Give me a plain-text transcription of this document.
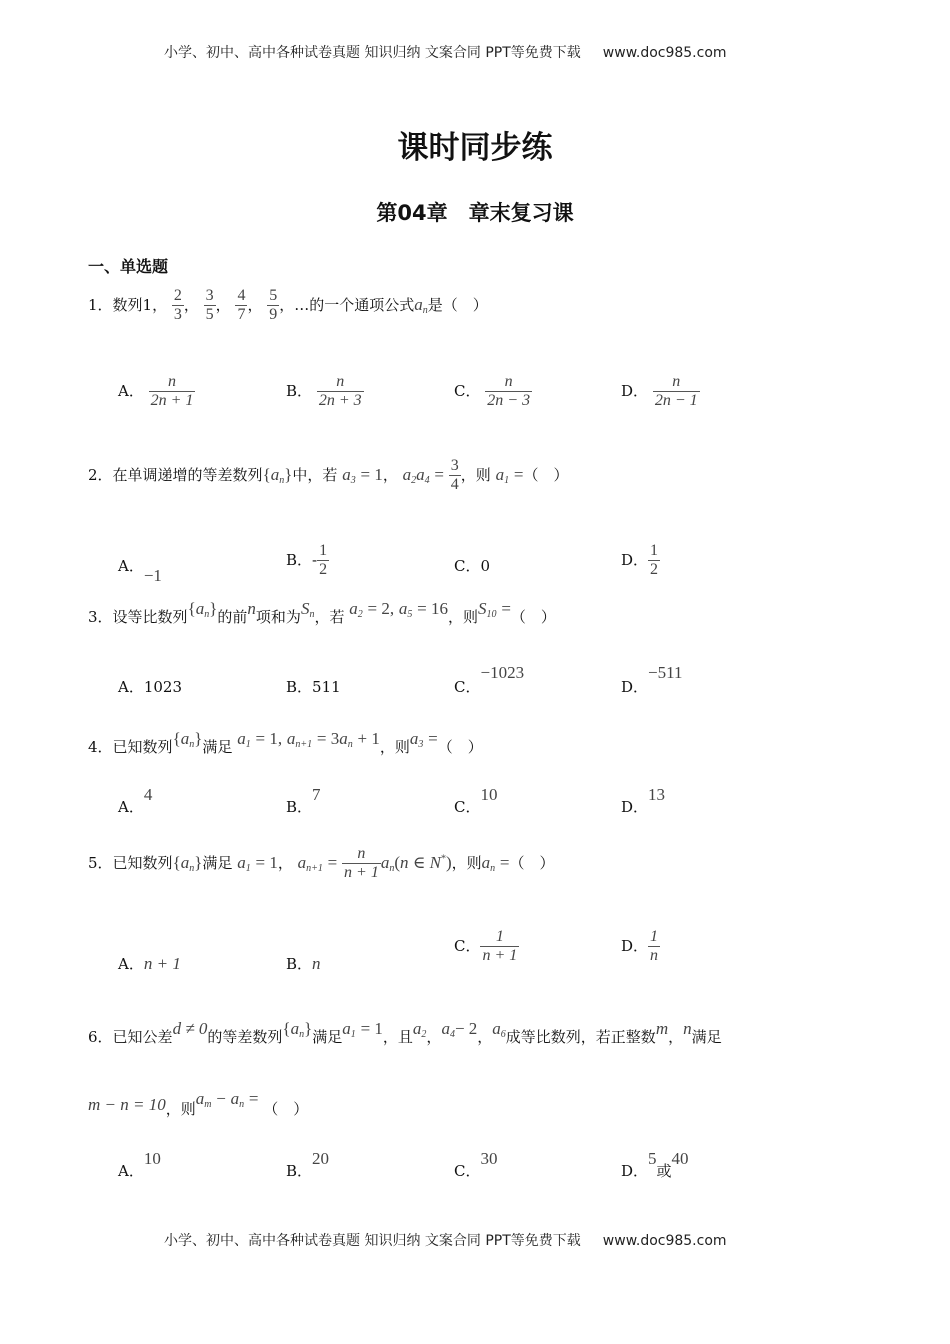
小学、初中、高中各种试卷真题 知识归纳 文案合同 PPT等免费下载 www.doc985.com
课时同步练
第04章　章末复习课
一、单选题
1．数列1， $\frac{2}{3}$ ， $\frac{3}{5}$ ， $\frac{4}{7}$ ， $\frac{5}{9}$ ，…的一个通项公式$a_n$是（　）
A． $\frac{n}{2n + 1}$	B． $\frac{n}{2n + 3}$	C． $\frac{n}{2n - 3}$	D． $\frac{n}{2n - 1}$
2．在单调递增的等差数列$\{a_n\}$中，若 $a_3 = 1$， $a_2a_4 = \frac{3}{4}$ ，则 $a_1$ =（　）
A．−1
B．- $\frac{1}{2}$	C．0	D． $\frac{1}{2}$
3．设等比数列$\{a_n\}$的前n项和为$S_n$，若 $a_2 = 2$, $a_5 = 16$，则$S_{10}$ =（　）
A．1023	B．511	C．−1023
D．−511
4．已知数列$\{a_n\}$满足 $a_1 = 1$, $a_{n+1} = 3a_n + 1$，则$a_3$ =（　）
A．4
B．7
C．10
D．13
5．已知数列$\{a_n\}$满足 $a_1 = 1$， $a_{n+1} = \frac{n}{n + 1} a_n(n$ ∈ N*)，则$a_n$ =（　）
A．n + 1	B．n
C． $\frac{1}{n + 1}$	D． $\frac{1}{n}$
6．已知公差d ≠ 0的等差数列$\{a_n\}$满足$a_1 = 1$，且$a_2$，$a_4- 2$，$a_6$成等比数列，若正整数m，n满足
m − n = 10，则$a_m - a_n$ = （　）
A．10
B．20
C．30
D．5或40
小学、初中、高中各种试卷真题 知识归纳 文案合同 PPT等免费下载 www.doc985.com
